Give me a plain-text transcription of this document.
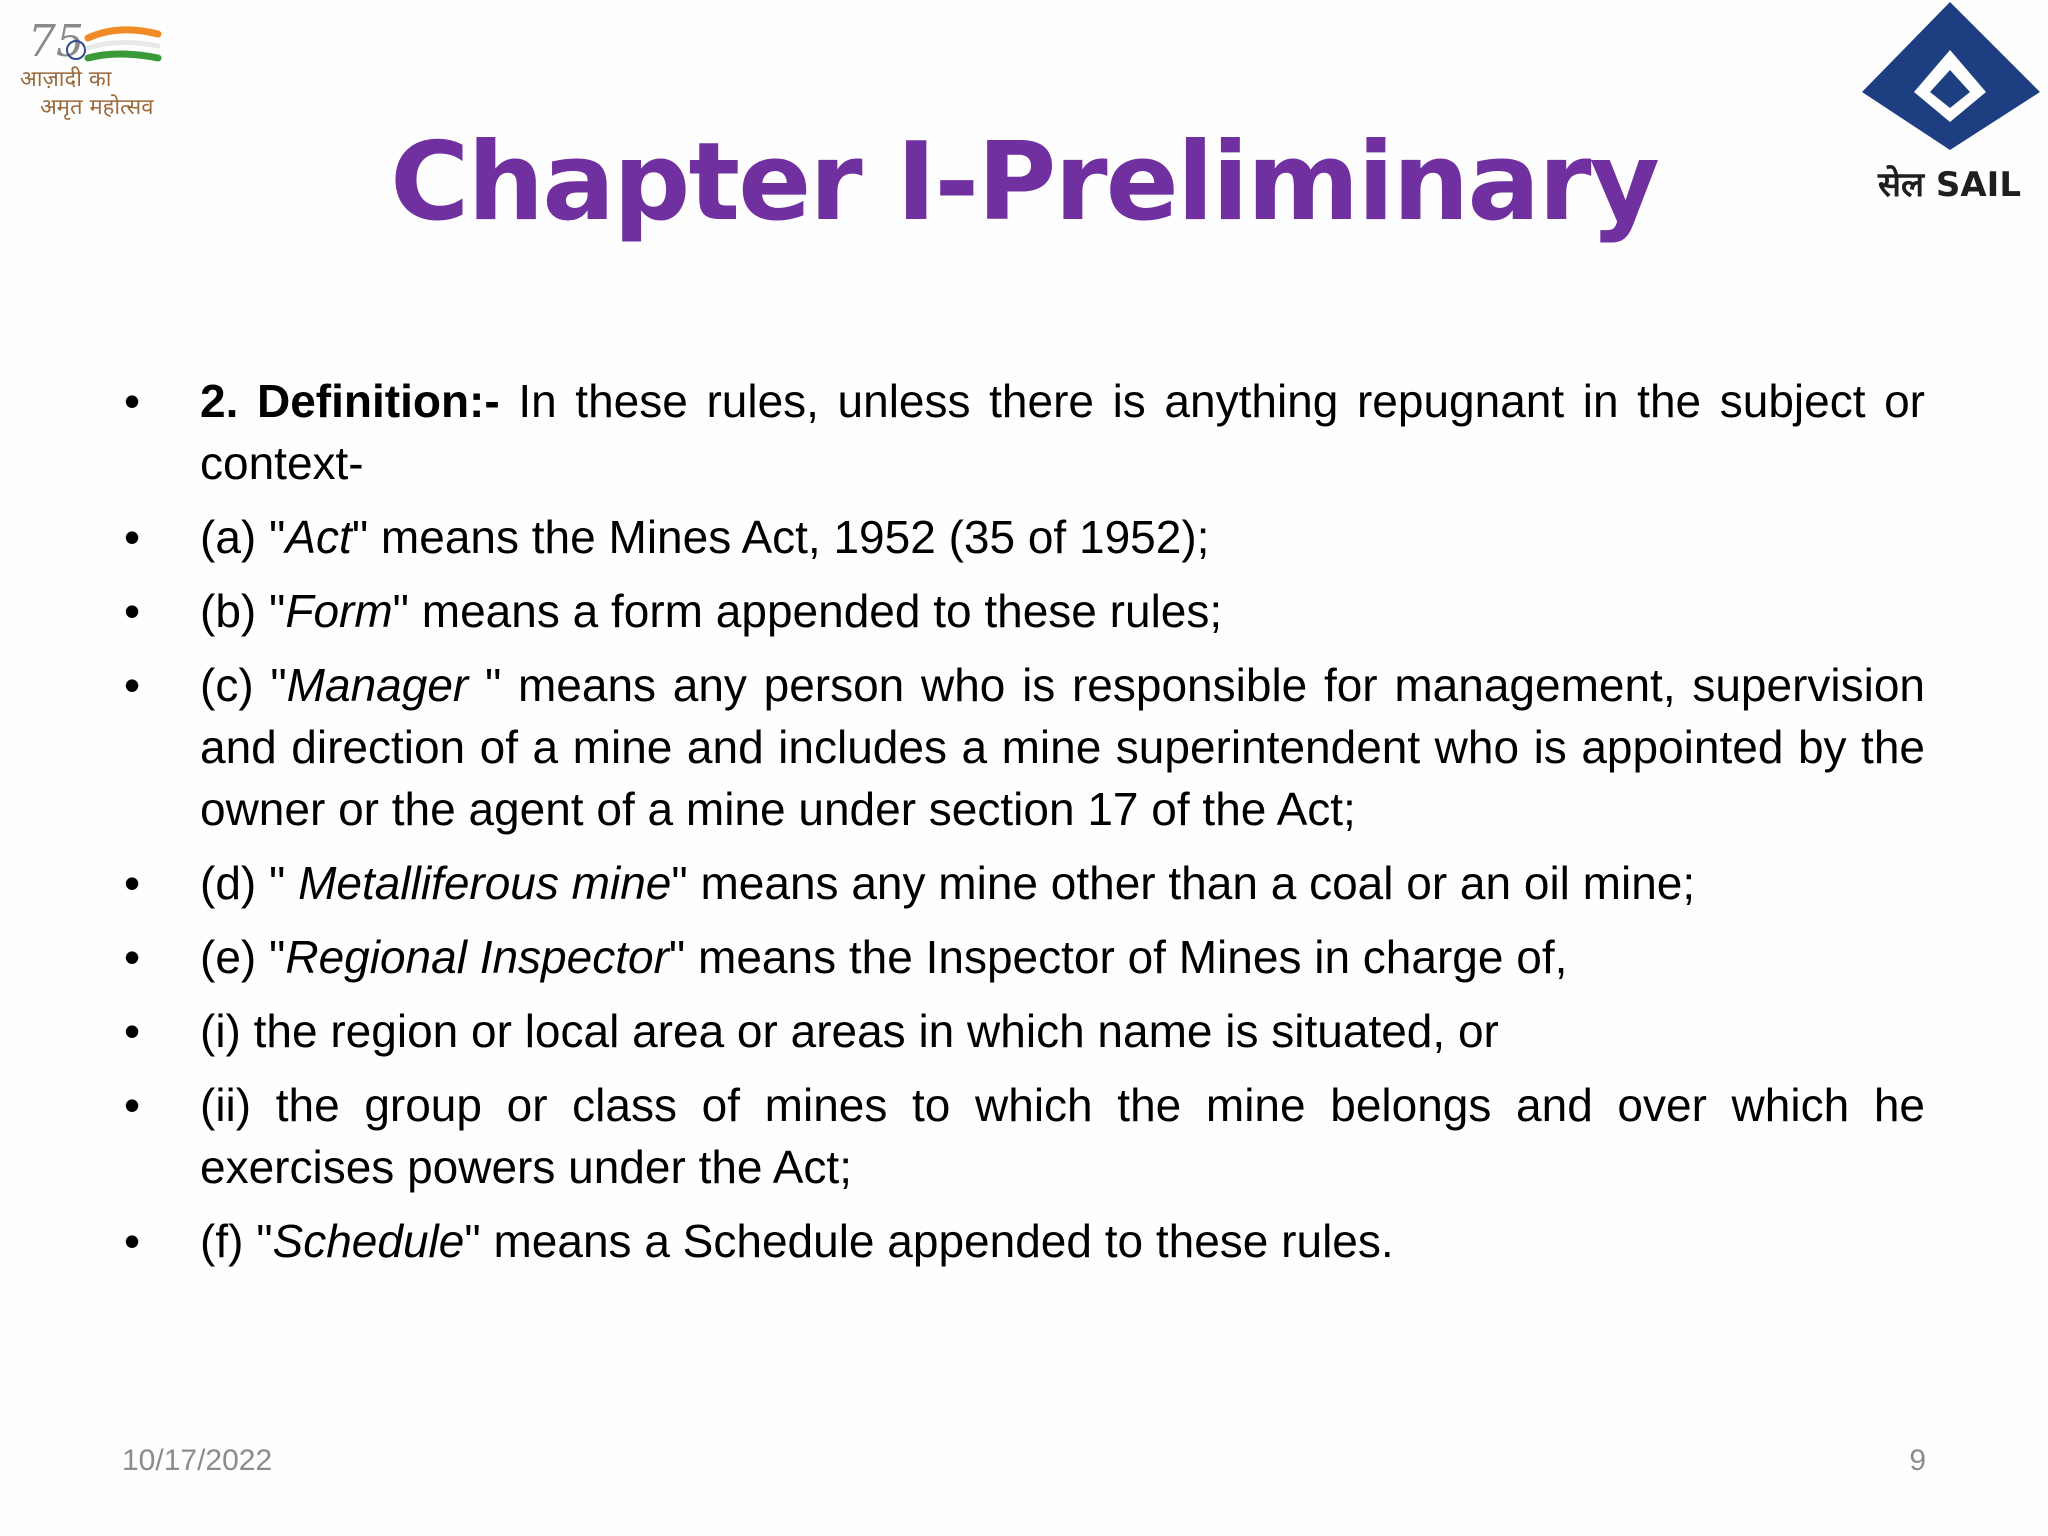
75
आज़ादी का
अमृत महोत्सव
सेल SAIL
Chapter I-Preliminary
•	2. Definition:- In these rules, unless there is anything repugnant in the subject or context-
•	(a) "Act" means the Mines Act, 1952 (35 of 1952);
•	(b) "Form" means a form appended to these rules;
•	(c) "Manager " means any person who is responsible for management, supervision and direction of a mine and includes a mine superintendent who is appointed by the owner or the agent of a mine under section 17 of the Act;
•	(d) " Metalliferous mine" means any mine other than a coal or an oil mine;
•	(e) "Regional Inspector" means the Inspector of Mines in charge of,
•	(i) the region or local area or areas in which name is situated, or
•	(ii) the group or class of mines to which the mine belongs and over which he exercises powers under the Act;
•	(f) "Schedule" means a Schedule appended to these rules.
10/17/2022	9
